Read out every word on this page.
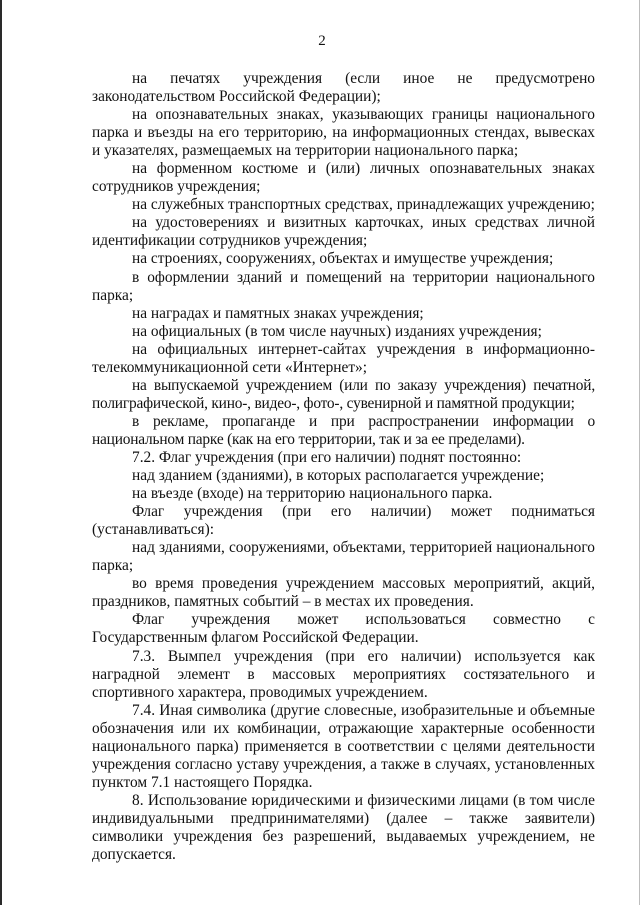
2

на печатях учреждения (если иное не предусмотрено законодательством Российской Федерации);

на опознавательных знаках, указывающих границы национального парка и въезды на его территорию, на информационных стендах, вывесках и указателях, размещаемых на территории национального парка;

на форменном костюме и (или) личных опознавательных знаках сотрудников учреждения;

на служебных транспортных средствах, принадлежащих учреждению;

на удостоверениях и визитных карточках, иных средствах личной идентификации сотрудников учреждения;

на строениях, сооружениях, объектах и имуществе учреждения;

в оформлении зданий и помещений на территории национального парка;

на наградах и памятных знаках учреждения;

на официальных (в том числе научных) изданиях учреждения;

на официальных интернет-сайтах учреждения в информационно-телекоммуникационной сети «Интернет»;

на выпускаемой учреждением (или по заказу учреждения) печатной, полиграфической, кино-, видео-, фото-, сувенирной и памятной продукции;

в рекламе, пропаганде и при распространении информации о национальном парке (как на его территории, так и за ее пределами).

7.2. Флаг учреждения (при его наличии) поднят постоянно:

над зданием (зданиями), в которых располагается учреждение;

на въезде (входе) на территорию национального парка.

Флаг учреждения (при его наличии) может подниматься (устанавливаться):

над зданиями, сооружениями, объектами, территорией национального парка;

во время проведения учреждением массовых мероприятий, акций, праздников, памятных событий – в местах их проведения.

Флаг учреждения может использоваться совместно с Государственным флагом Российской Федерации.

7.3. Вымпел учреждения (при его наличии) используется как наградной элемент в массовых мероприятиях состязательного и спортивного характера, проводимых учреждением.

7.4. Иная символика (другие словесные, изобразительные и объемные обозначения или их комбинации, отражающие характерные особенности национального парка) применяется в соответствии с целями деятельности учреждения согласно уставу учреждения, а также в случаях, установленных пунктом 7.1 настоящего Порядка.

8. Использование юридическими и физическими лицами (в том числе индивидуальными предпринимателями) (далее – также заявители) символики учреждения без разрешений, выдаваемых учреждением, не допускается.
